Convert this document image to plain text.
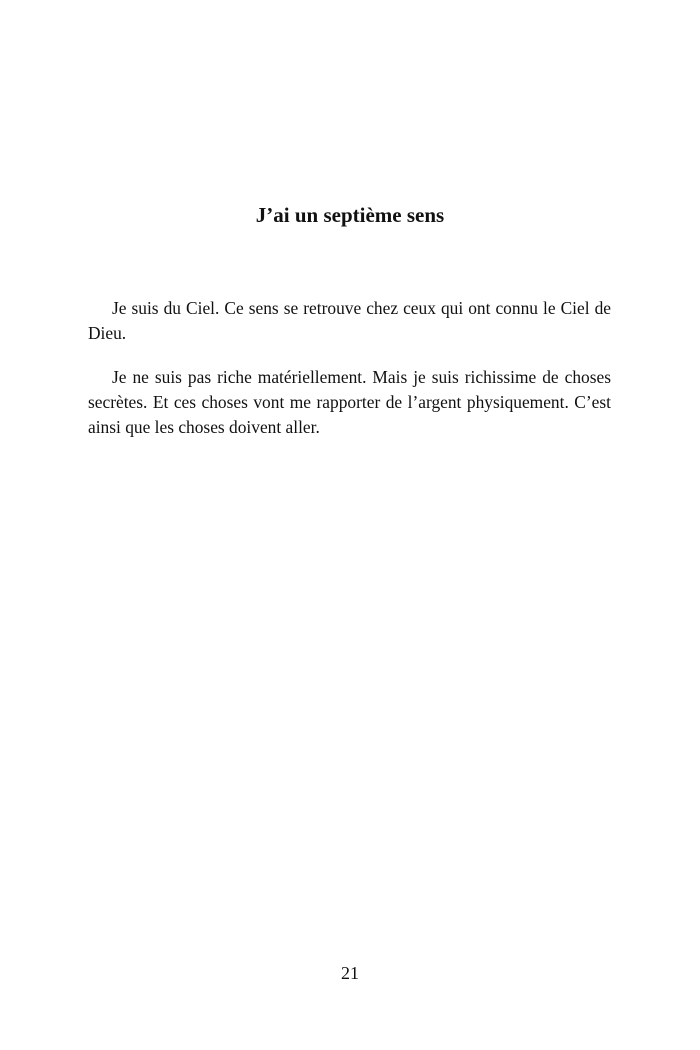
J’ai un septième sens

Je suis du Ciel. Ce sens se retrouve chez ceux qui ont connu le Ciel de Dieu.

Je ne suis pas riche matériellement. Mais je suis richissime de choses secrètes. Et ces choses vont me rapporter de l’argent physiquement. C’est ainsi que les choses doivent aller.

21
